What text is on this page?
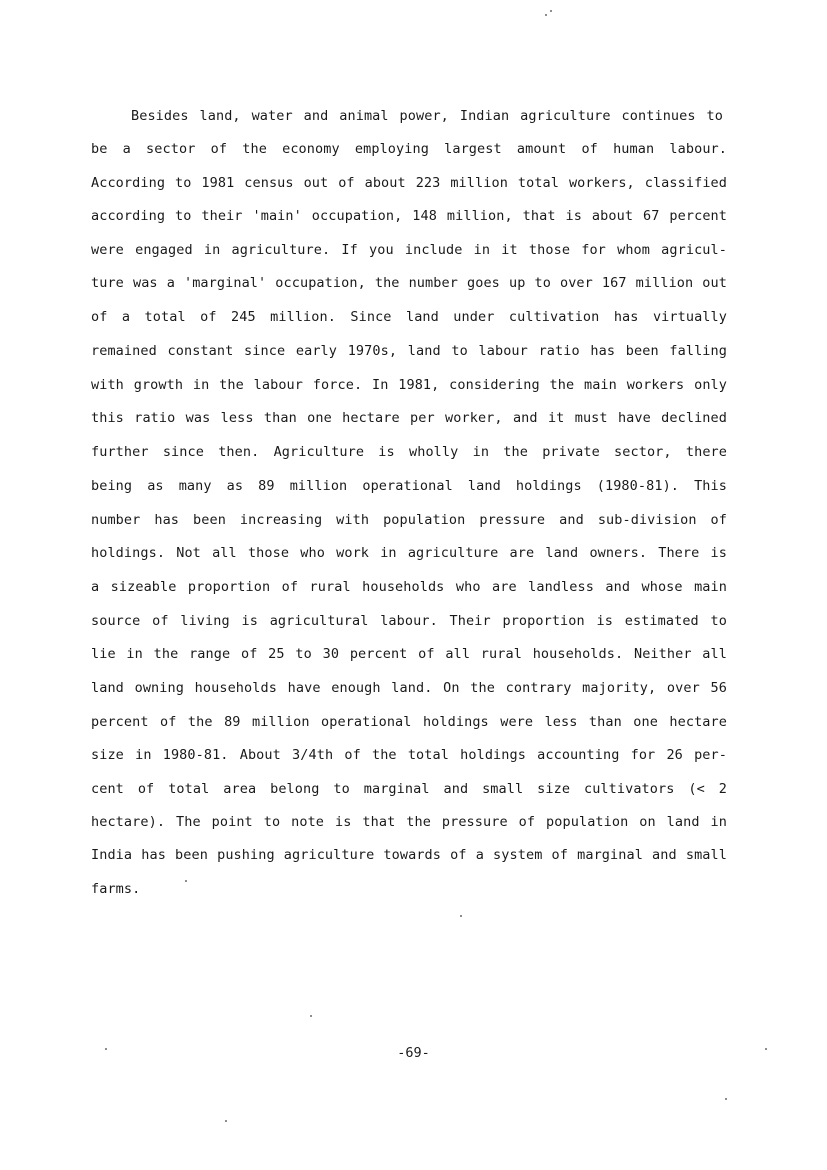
Besides land, water and animal power, Indian agriculture continues to
be a sector of the economy employing largest amount of human labour.
According to 1981 census out of about 223 million total workers, classified
according to their 'main' occupation, 148 million, that is about 67 percent
were engaged in agriculture. If you include in it those for whom agricul-
ture was a 'marginal' occupation, the number goes up to over 167 million out
of a total of 245 million. Since land under cultivation has virtually
remained constant since early 1970s, land to labour ratio has been falling
with growth in the labour force. In 1981, considering the main workers only
this ratio was less than one hectare per worker, and it must have declined
further since then. Agriculture is wholly in the private sector, there
being as many as 89 million operational land holdings (1980-81). This
number has been increasing with population pressure and sub-division of
holdings. Not all those who work in agriculture are land owners. There is
a sizeable proportion of rural households who are landless and whose main
source of living is agricultural labour. Their proportion is estimated to
lie in the range of 25 to 30 percent of all rural households. Neither all
land owning households have enough land. On the contrary majority, over 56
percent of the 89 million operational holdings were less than one hectare
size in 1980-81. About 3/4th of the total holdings accounting for 26 per-
cent of total area belong to marginal and small size cultivators (< 2
hectare). The point to note is that the pressure of population on land in
India has been pushing agriculture towards of a system of marginal and small
farms.
-69-
